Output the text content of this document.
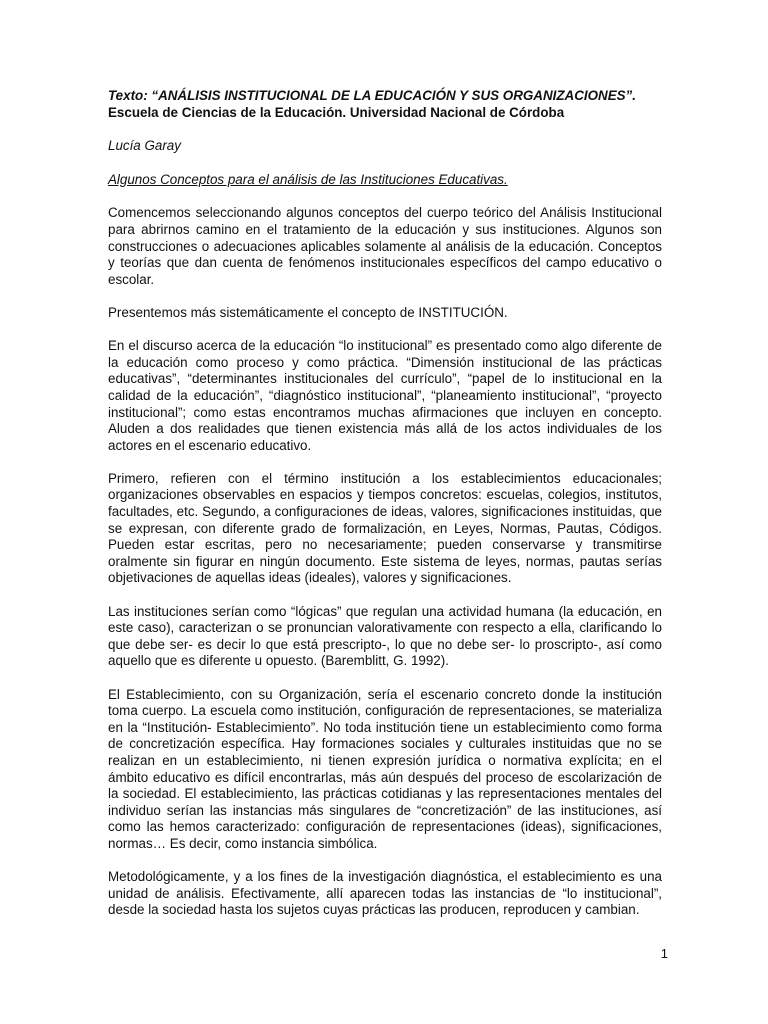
Texto: “ANÁLISIS INSTITUCIONAL DE LA EDUCACIÓN Y SUS ORGANIZACIONES”.

Escuela de Ciencias de la Educación. Universidad Nacional de Córdoba

Lucía Garay

Algunos Conceptos para el análisis de las Instituciones Educativas.

Comencemos seleccionando algunos conceptos del cuerpo teórico del Análisis Institucional para abrirnos camino en el tratamiento de la educación y sus instituciones. Algunos son construcciones o adecuaciones aplicables solamente al análisis de la educación. Conceptos y teorías que dan cuenta de fenómenos institucionales específicos del campo educativo o escolar.

Presentemos más sistemáticamente el concepto de INSTITUCIÓN.

En el discurso acerca de la educación “lo institucional” es presentado como algo diferente de la educación como proceso y como práctica. “Dimensión institucional de las prácticas educativas”, “determinantes institucionales del currículo”, “papel de lo institucional en la calidad de la educación”, “diagnóstico institucional”, “planeamiento institucional”, “proyecto institucional”; como estas encontramos muchas afirmaciones que incluyen en concepto. Aluden a dos realidades que tienen existencia más allá de los actos individuales de los actores en el escenario educativo.

Primero, refieren con el término institución a los establecimientos educacionales; organizaciones observables en espacios y tiempos concretos: escuelas, colegios, institutos, facultades, etc. Segundo, a configuraciones de ideas, valores, significaciones instituidas, que se expresan, con diferente grado de formalización, en Leyes, Normas, Pautas, Códigos. Pueden estar escritas, pero no necesariamente; pueden conservarse y transmitirse oralmente sin figurar en ningún documento. Este sistema de leyes, normas, pautas serías objetivaciones de aquellas ideas (ideales), valores y significaciones.

Las instituciones serían como “lógicas” que regulan una actividad humana (la educación, en este caso), caracterizan o se pronuncian valorativamente con respecto a ella, clarificando lo que debe ser- es decir lo que está prescripto-, lo que no debe ser- lo proscripto-, así como aquello que es diferente u opuesto. (Baremblitt, G. 1992).

El Establecimiento, con su Organización, sería el escenario concreto donde la institución toma cuerpo. La escuela como institución, configuración de representaciones, se materializa en la “Institución- Establecimiento”. No toda institución tiene un establecimiento como forma de concretización específica. Hay formaciones sociales y culturales instituidas que no se realizan en un establecimiento, ni tienen expresión jurídica o normativa explícita; en el ámbito educativo es difícil encontrarlas, más aún después del proceso de escolarización de la sociedad. El establecimiento, las prácticas cotidianas y las representaciones mentales del individuo serían las instancias más singulares de “concretización” de las instituciones, así como las hemos caracterizado: configuración de representaciones (ideas), significaciones, normas… Es decir, como instancia simbólica.

Metodológicamente, y a los fines de la investigación diagnóstica, el establecimiento es una unidad de análisis. Efectivamente, allí aparecen todas las instancias de “lo institucional”, desde la sociedad hasta los sujetos cuyas prácticas las producen, reproducen y cambian.

1
